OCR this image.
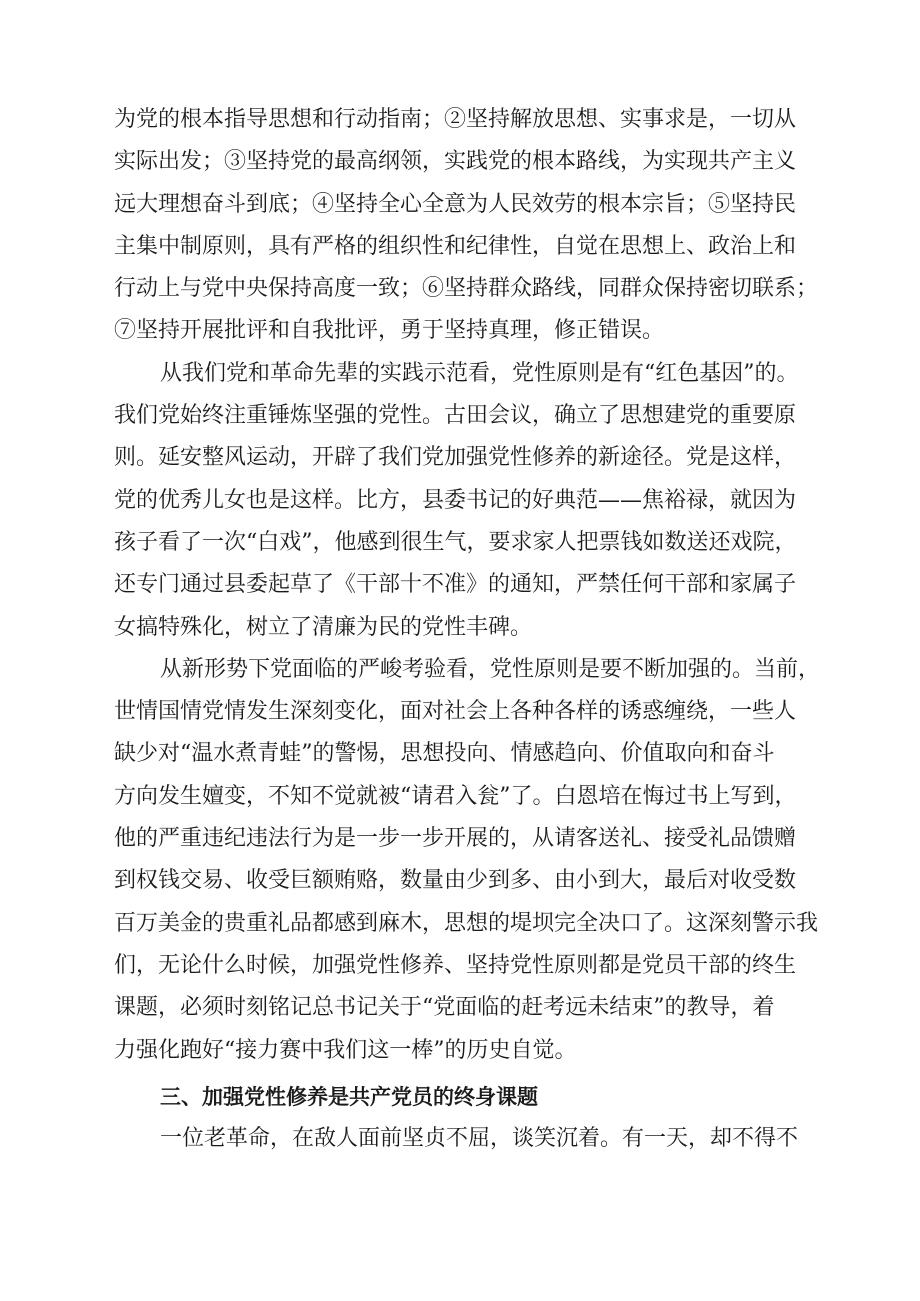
为党的根本指导思想和行动指南；②坚持解放思想、实事求是，一切从
实际出发；③坚持党的最高纲领，实践党的根本路线，为实现共产主义
远大理想奋斗到底；④坚持全心全意为人民效劳的根本宗旨；⑤坚持民
主集中制原则，具有严格的组织性和纪律性，自觉在思想上、政治上和
行动上与党中央保持高度一致；⑥坚持群众路线，同群众保持密切联系；
⑦坚持开展批评和自我批评，勇于坚持真理，修正错误。
从我们党和革命先辈的实践示范看，党性原则是有“红色基因”的。
我们党始终注重锤炼坚强的党性。古田会议，确立了思想建党的重要原
则。延安整风运动，开辟了我们党加强党性修养的新途径。党是这样，
党的优秀儿女也是这样。比方，县委书记的好典范——焦裕禄，就因为
孩子看了一次“白戏”，他感到很生气，要求家人把票钱如数送还戏院，
还专门通过县委起草了《干部十不准》的通知，严禁任何干部和家属子
女搞特殊化，树立了清廉为民的党性丰碑。
从新形势下党面临的严峻考验看，党性原则是要不断加强的。当前，
世情国情党情发生深刻变化，面对社会上各种各样的诱惑缠绕，一些人
缺少对“温水煮青蛙”的警惕，思想投向、情感趋向、价值取向和奋斗
方向发生嬗变，不知不觉就被“请君入瓮”了。白恩培在悔过书上写到，
他的严重违纪违法行为是一步一步开展的，从请客送礼、接受礼品馈赠
到权钱交易、收受巨额贿赂，数量由少到多、由小到大，最后对收受数
百万美金的贵重礼品都感到麻木，思想的堤坝完全决口了。这深刻警示我
们，无论什么时候，加强党性修养、坚持党性原则都是党员干部的终生
课题，必须时刻铭记总书记关于“党面临的赶考远未结束”的教导，着
力强化跑好“接力赛中我们这一棒”的历史自觉。
三、加强党性修养是共产党员的终身课题
一位老革命，在敌人面前坚贞不屈，谈笑沉着。有一天，却不得不
